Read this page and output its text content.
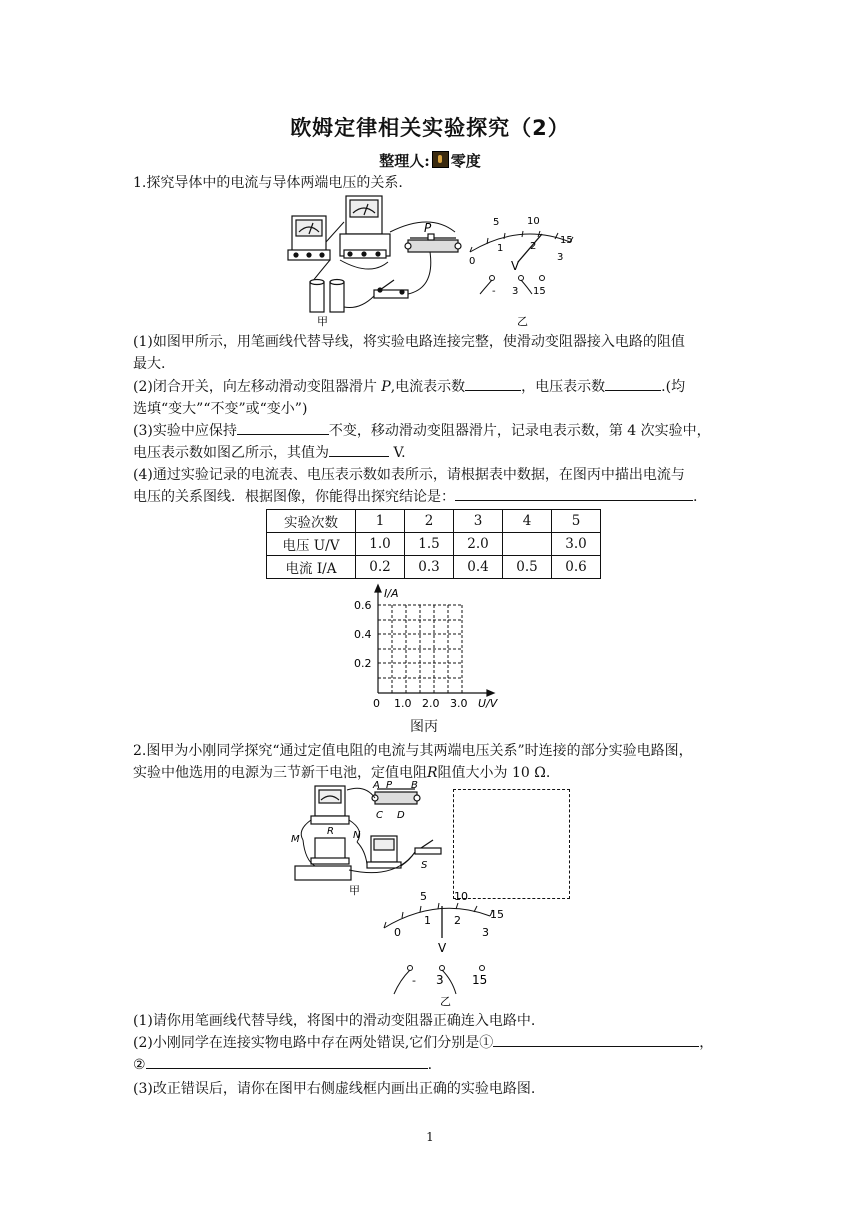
欧姆定律相关实验探究（2）
整理人: 零度
1.探究导体中的电流与导体两端电压的关系.
P
甲
5	10
15
0
1	2
3
V
- 3 15
乙
(1)如图甲所示，用笔画线代替导线，将实验电路连接完整，使滑动变阻器接入电路的阻值
最大.
(2)闭合开关，向左移动滑动变阻器滑片 P,电流表示数	，电压表示数	.(均
选填“变大”“不变”或“变小”)
(3)实验中应保持	不变，移动滑动变阻器滑片，记录电表示数，第 4 次实验中，
电压表示数如图乙所示，其值为	V.
(4)通过实验记录的电流表、电压表示数如表所示，请根据表中数据，在图丙中描出电流与
电压的关系图线．根据图像，你能得出探究结论是：	.
实验次数	1	2	3	4	5
电压 U/V	1.0	1.5	2.0		3.0
电流 I/A	0.2	0.3	0.4	0.5	0.6
I/A
U/V
0.6
0.4
0.2
0 1.0 2.0 3.0
图丙
2.图甲为小刚同学探究“通过定值电阻的电流与其两端电压关系”时连接的部分实验电路图，
实验中他选用的电源为三节新干电池，定值电阻R阻值大小为 10 Ω.
A P B
C D
R
M	N
S
甲	5 10
15
0
1 2
3
V
- 3 15
乙
(1)请你用笔画线代替导线，将图中的滑动变阻器正确连入电路中.
(2)小刚同学在连接实物电路中存在两处错误,它们分别是①	，
②	.
(3)改正错误后，请你在图甲右侧虚线框内画出正确的实验电路图.
1
